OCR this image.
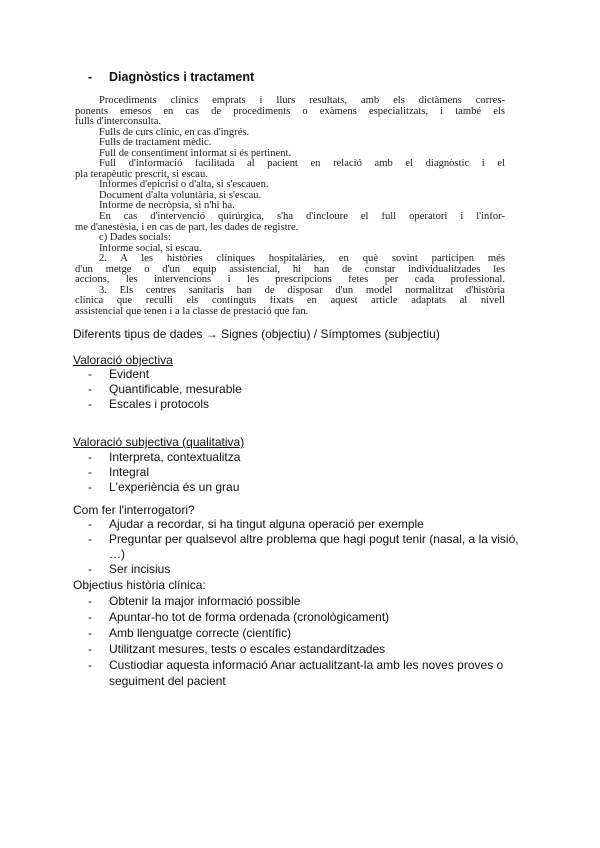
- Diagnòstics i tractament
Procediments clínics emprats i llurs resultats, amb els dictàmens corres-
ponents emesos en cas de procediments o exàmens especialitzats, i també els
fulls d'interconsulta.
Fulls de curs clínic, en cas d'ingrés.
Fulls de tractament mèdic.
Full de consentiment informat si és pertinent.
Full d'informació facilitada al pacient en relació amb el diagnòstic i el
pla terapèutic prescrit, si escau.
Informes d'epicrisi o d'alta, si s'escauen.
Document d'alta voluntària, si s'escau.
Informe de necròpsia, si n'hi ha.
En cas d'intervenció quirúrgica, s'ha d'incloure el full operatori i l'infor-
me d'anestèsia, i en cas de part, les dades de registre.
c) Dades socials:
Informe social, si escau.
2. A les històries clíniques hospitalàries, en què sovint participen més
d'un metge o d'un equip assistencial, hi han de constar individualitzades les
accions, les intervencions i les prescripcions fetes per cada professional.
3. Els centres sanitaris han de disposar d'un model normalitzat d'història
clínica que reculli els continguts fixats en aquest article adaptats al nivell
assistencial que tenen i a la classe de prestació que fan.
Diferents tipus de dades → Signes (objectiu) / Símptomes (subjectiu)
Valoració objectiva
- Evident
- Quantificable, mesurable
- Escales i protocols
Valoració subjectiva (qualitativa)
- Interpreta, contextualitza
- Integral
- L'experiència és un grau
Com fer l'interrogatori?
- Ajudar a recordar, si ha tingut alguna operació per exemple
- Preguntar per qualsevol altre problema que hagi pogut tenir (nasal, a la visió, …)
- Ser incisius
Objectius història clínica:
- Obtenir la major informació possible
- Apuntar-ho tot de forma ordenada (cronològicament)
- Amb llenguatge correcte (científic)
- Utilitzant mesures, tests o escales estandarditzades
- Custiodiar aquesta informació Anar actualitzant-la amb les noves proves o seguiment del pacient
